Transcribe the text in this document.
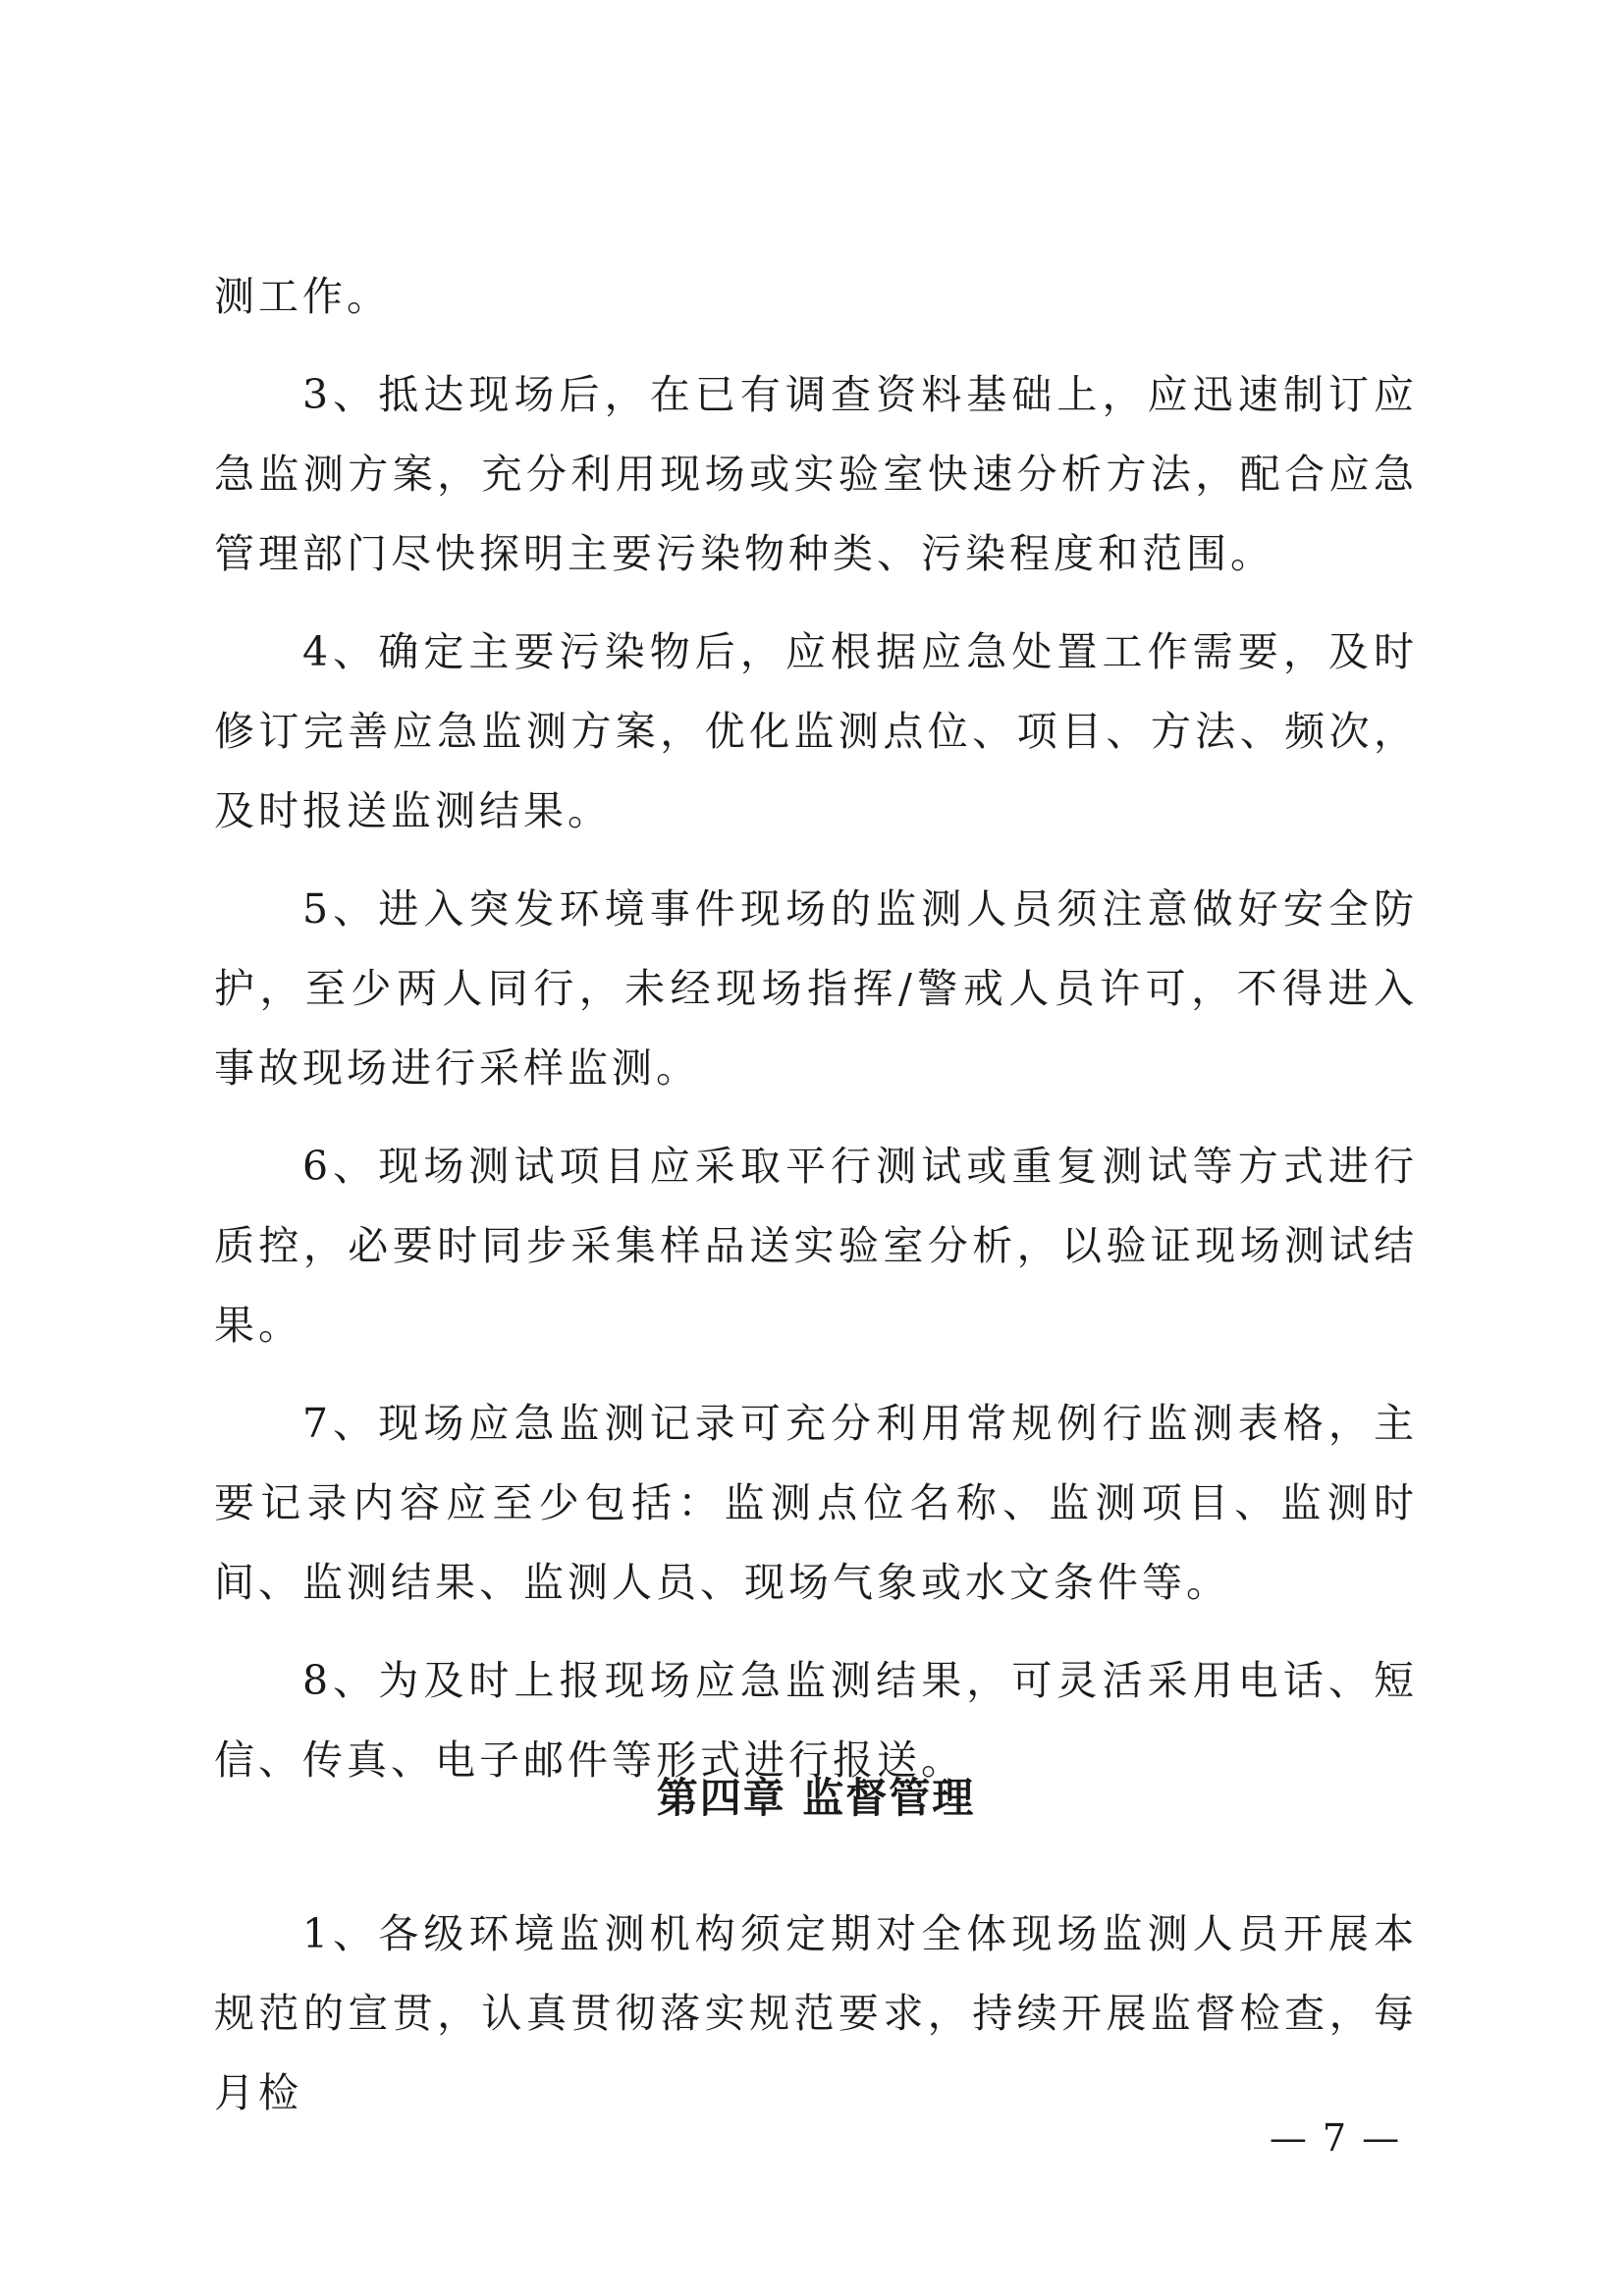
测工作。

3、抵达现场后，在已有调查资料基础上，应迅速制订应急监测方案，充分利用现场或实验室快速分析方法，配合应急管理部门尽快探明主要污染物种类、污染程度和范围。

4、确定主要污染物后，应根据应急处置工作需要，及时修订完善应急监测方案，优化监测点位、项目、方法、频次，及时报送监测结果。

5、进入突发环境事件现场的监测人员须注意做好安全防护，至少两人同行，未经现场指挥/警戒人员许可，不得进入事故现场进行采样监测。

6、现场测试项目应采取平行测试或重复测试等方式进行质控，必要时同步采集样品送实验室分析，以验证现场测试结果。

7、现场应急监测记录可充分利用常规例行监测表格，主要记录内容应至少包括：监测点位名称、监测项目、监测时间、监测结果、监测人员、现场气象或水文条件等。

8、为及时上报现场应急监测结果，可灵活采用电话、短信、传真、电子邮件等形式进行报送。

第四章 监督管理

1、各级环境监测机构须定期对全体现场监测人员开展本规范的宣贯，认真贯彻落实规范要求，持续开展监督检查，每月检

— 7 —
